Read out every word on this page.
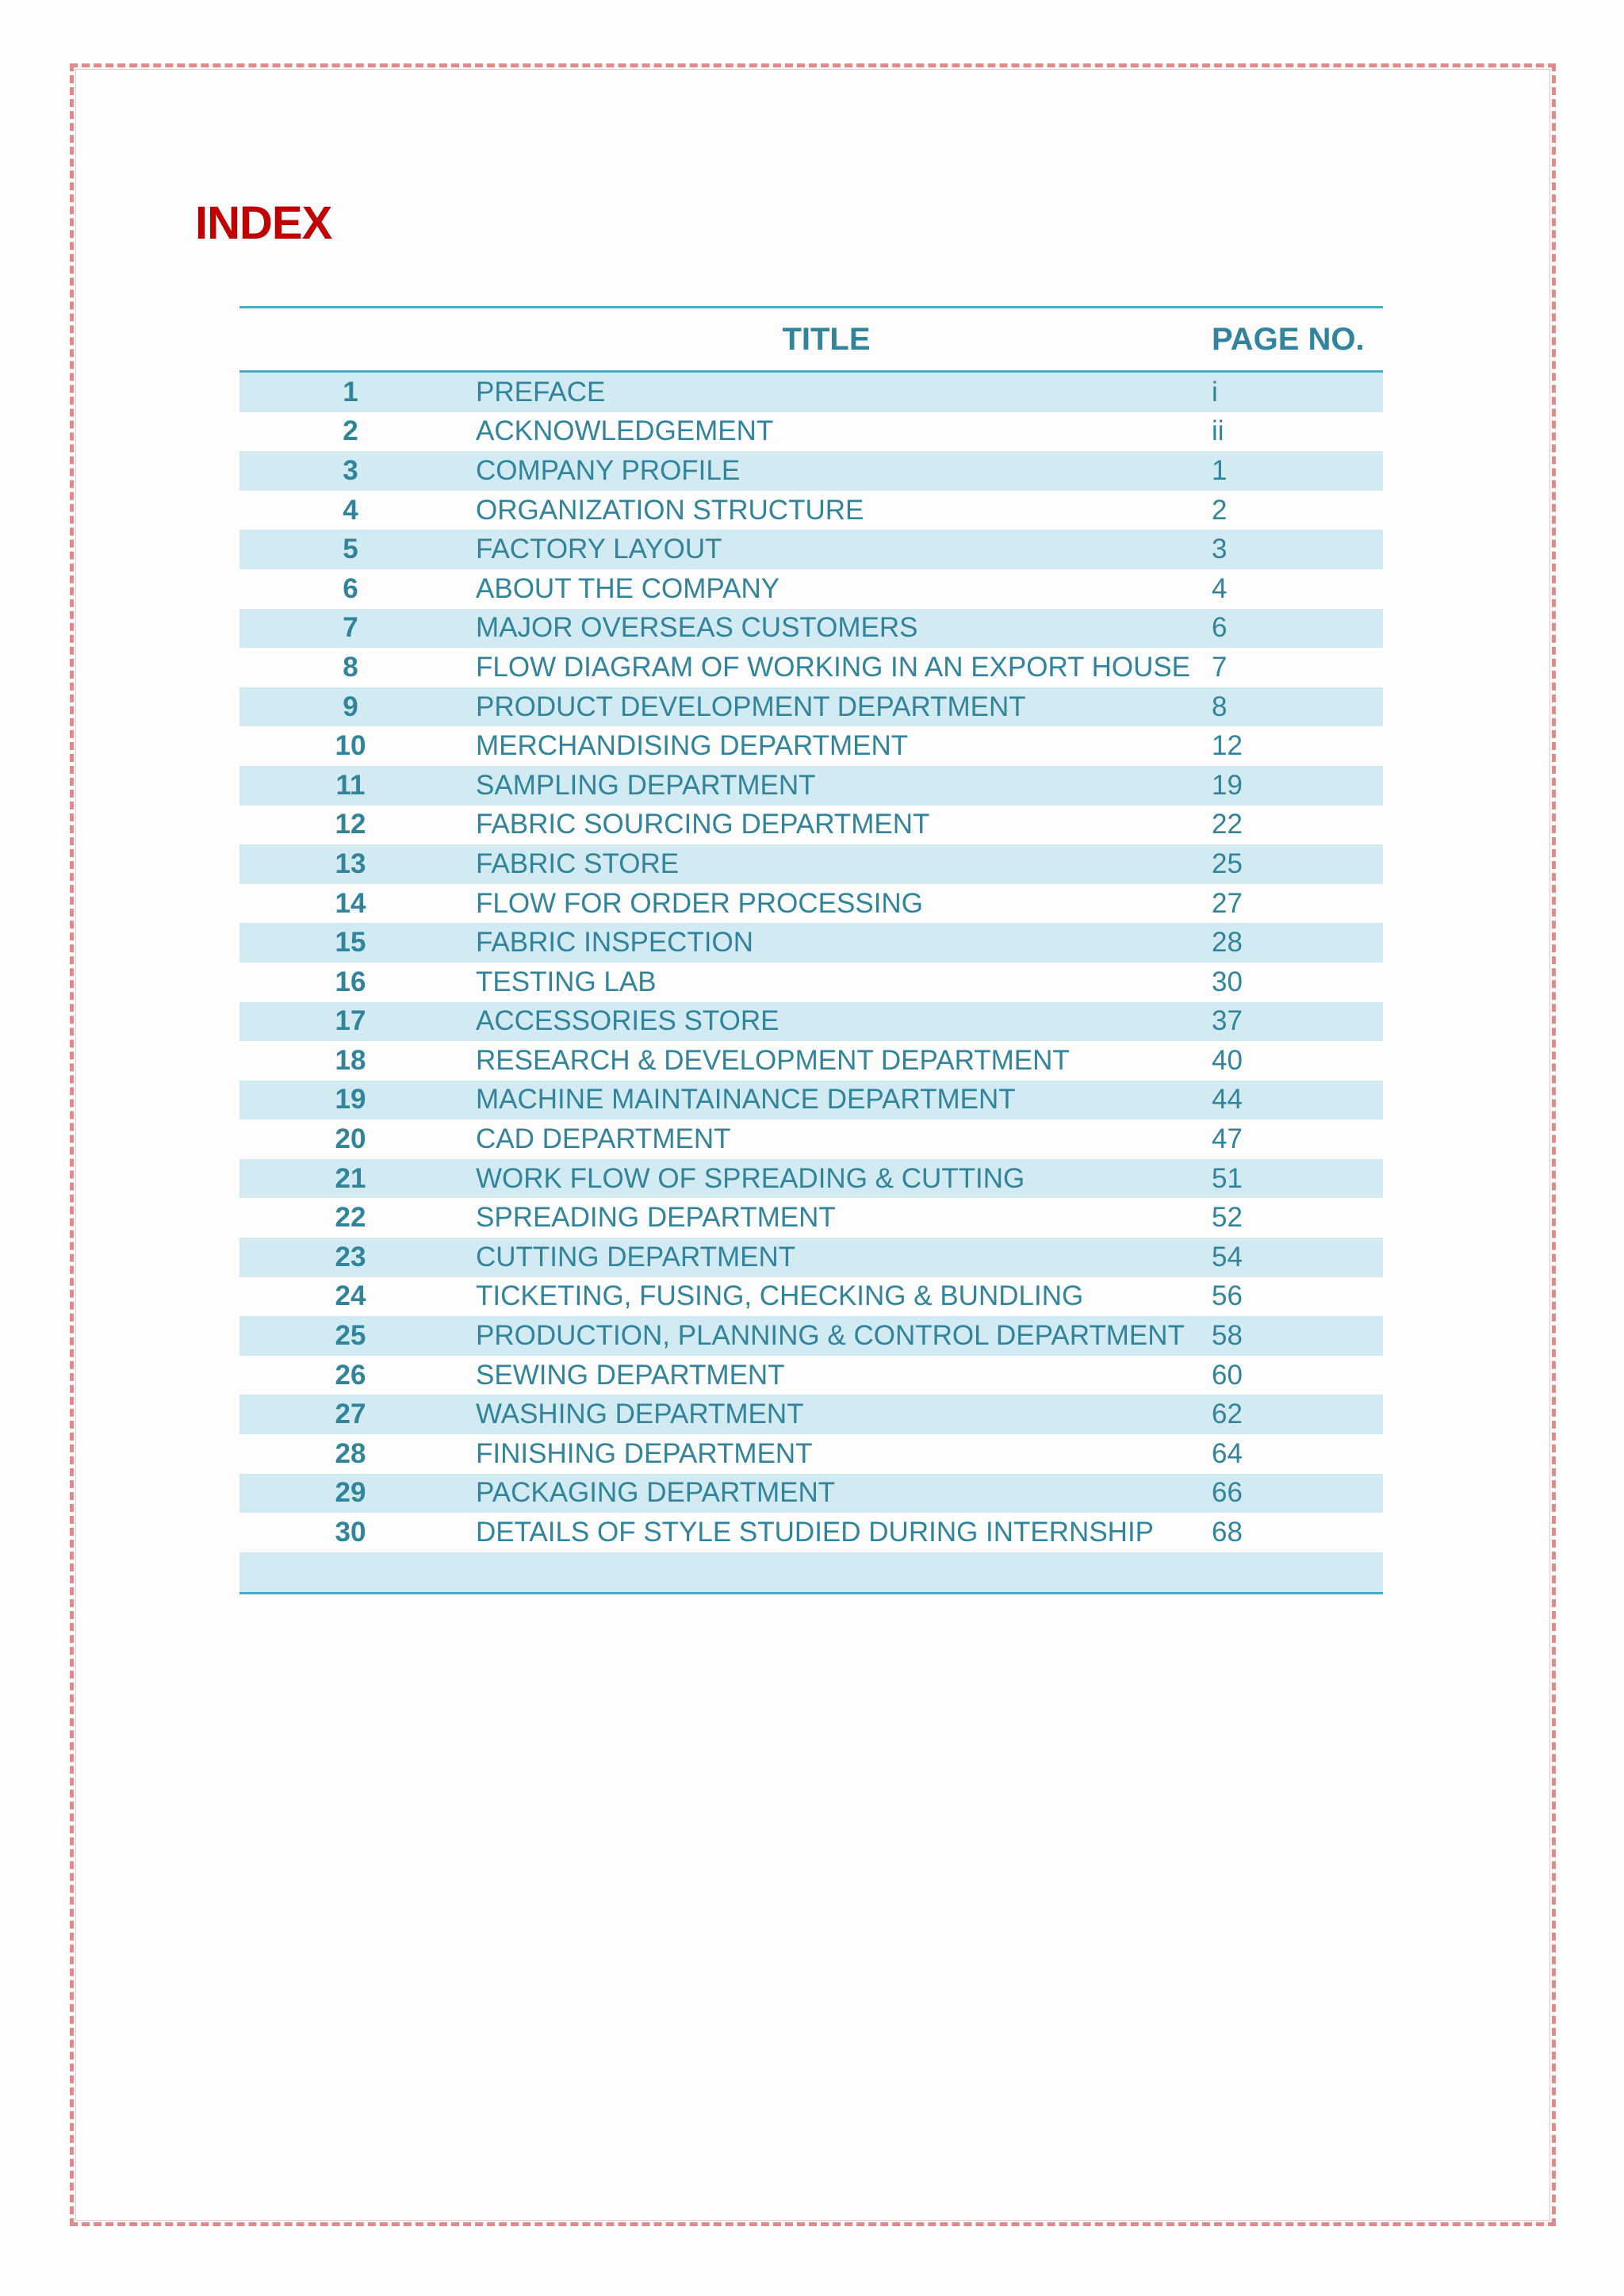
INDEX
	TITLE	PAGE NO.
1	PREFACE	i
2	ACKNOWLEDGEMENT	ii
3	COMPANY PROFILE	1
4	ORGANIZATION STRUCTURE	2
5	FACTORY LAYOUT	3
6	ABOUT THE COMPANY	4
7	MAJOR OVERSEAS CUSTOMERS	6
8	FLOW DIAGRAM OF WORKING IN AN EXPORT HOUSE	7
9	PRODUCT DEVELOPMENT DEPARTMENT	8
10	MERCHANDISING DEPARTMENT	12
11	SAMPLING DEPARTMENT	19
12	FABRIC SOURCING DEPARTMENT	22
13	FABRIC STORE	25
14	FLOW FOR ORDER PROCESSING	27
15	FABRIC INSPECTION	28
16	TESTING LAB	30
17	ACCESSORIES STORE	37
18	RESEARCH & DEVELOPMENT DEPARTMENT	40
19	MACHINE MAINTAINANCE DEPARTMENT	44
20	CAD DEPARTMENT	47
21	WORK FLOW OF SPREADING & CUTTING	51
22	SPREADING DEPARTMENT	52
23	CUTTING DEPARTMENT	54
24	TICKETING, FUSING, CHECKING & BUNDLING	56
25	PRODUCTION, PLANNING & CONTROL DEPARTMENT	58
26	SEWING DEPARTMENT	60
27	WASHING DEPARTMENT	62
28	FINISHING DEPARTMENT	64
29	PACKAGING DEPARTMENT	66
30	DETAILS OF STYLE STUDIED DURING INTERNSHIP	68
